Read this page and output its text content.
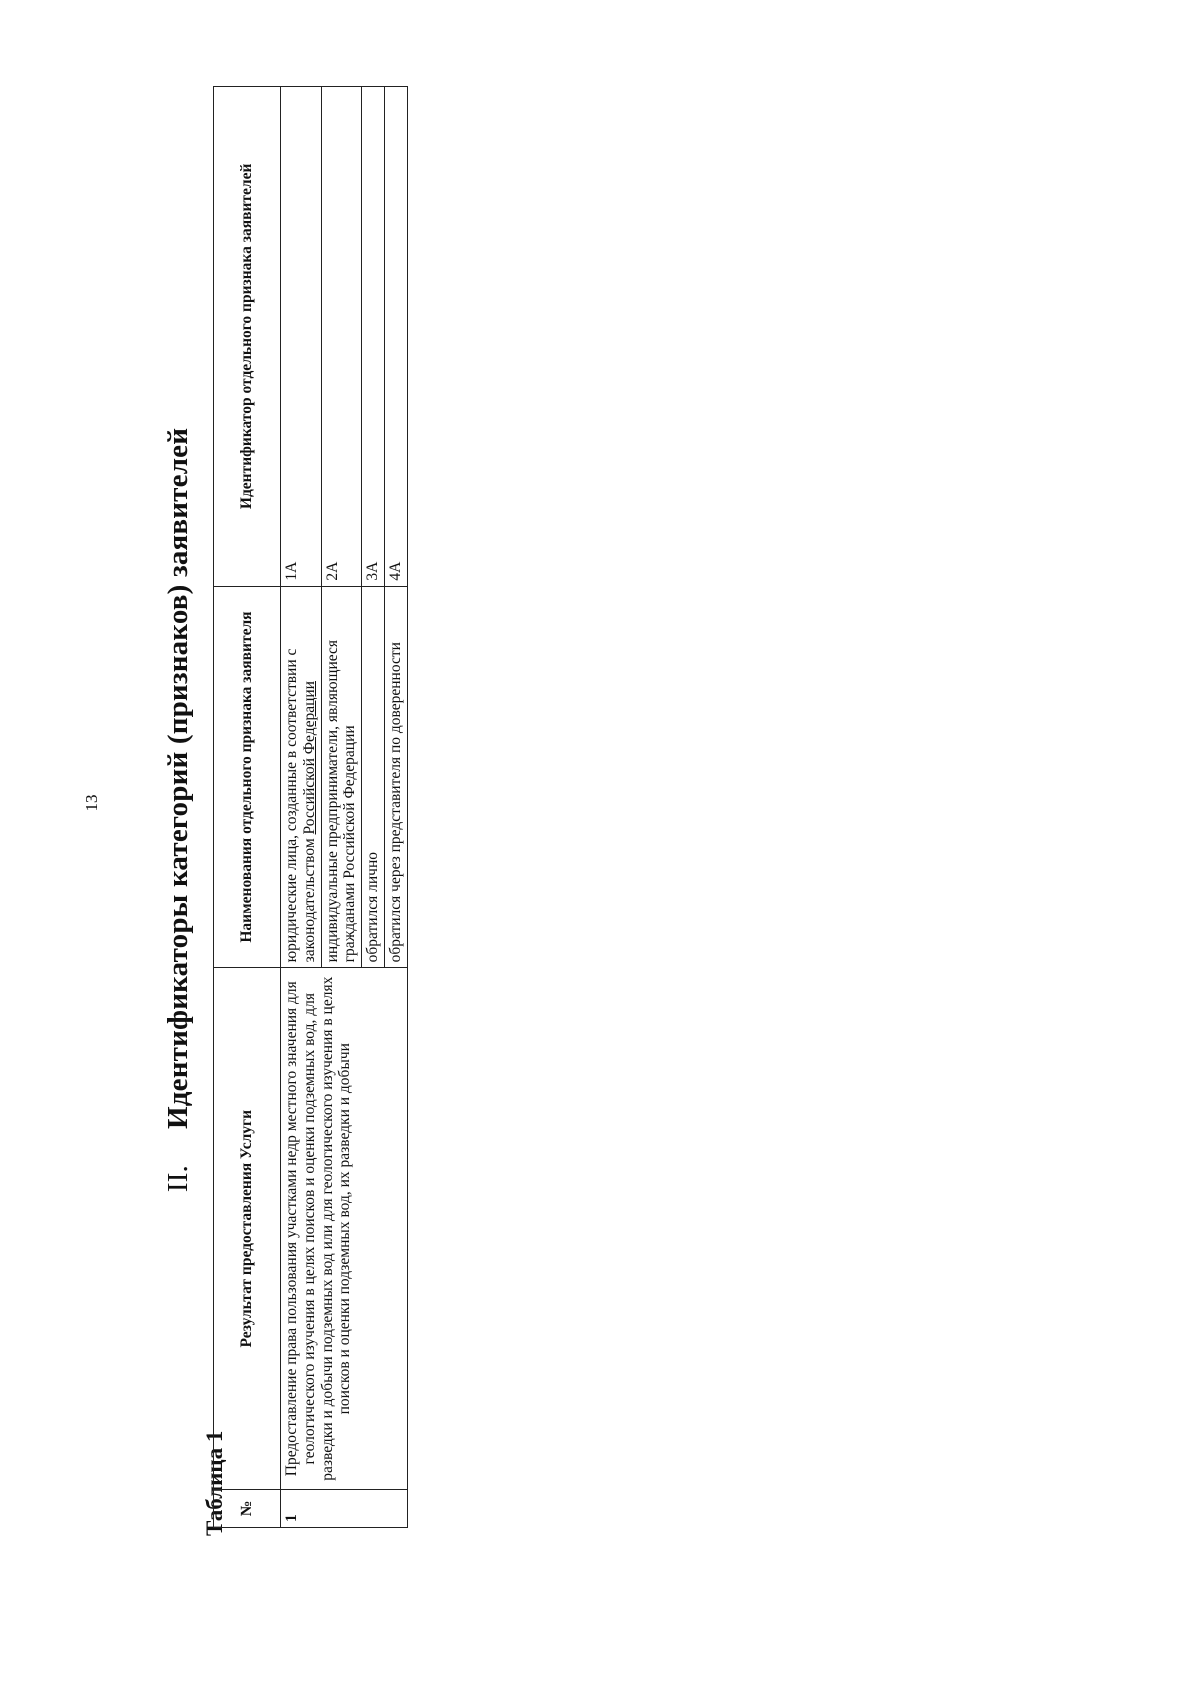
13
II.Идентификаторы категорий (признаков) заявителей
Таблица 1 №	Результат предоставления Услуги	Наименования отдельного признака заявителя	Идентификатор отдельного признака заявителей
1	Предоставление права пользования участками недр местного значения для геологического изучения в целях поисков и оценки подземных вод, для разведки и добычи подземных вод или для геологического изучения в целях поисков и оценки подземных вод, их разведки и добычи	юридические лица, созданные в соответствии с законодательством Российской Федерации	1А
		индивидуальные предприниматели, являющиеся гражданами Российской Федерации	2А
		обратился лично	3А
		обратился через представителя по доверенности	4А
